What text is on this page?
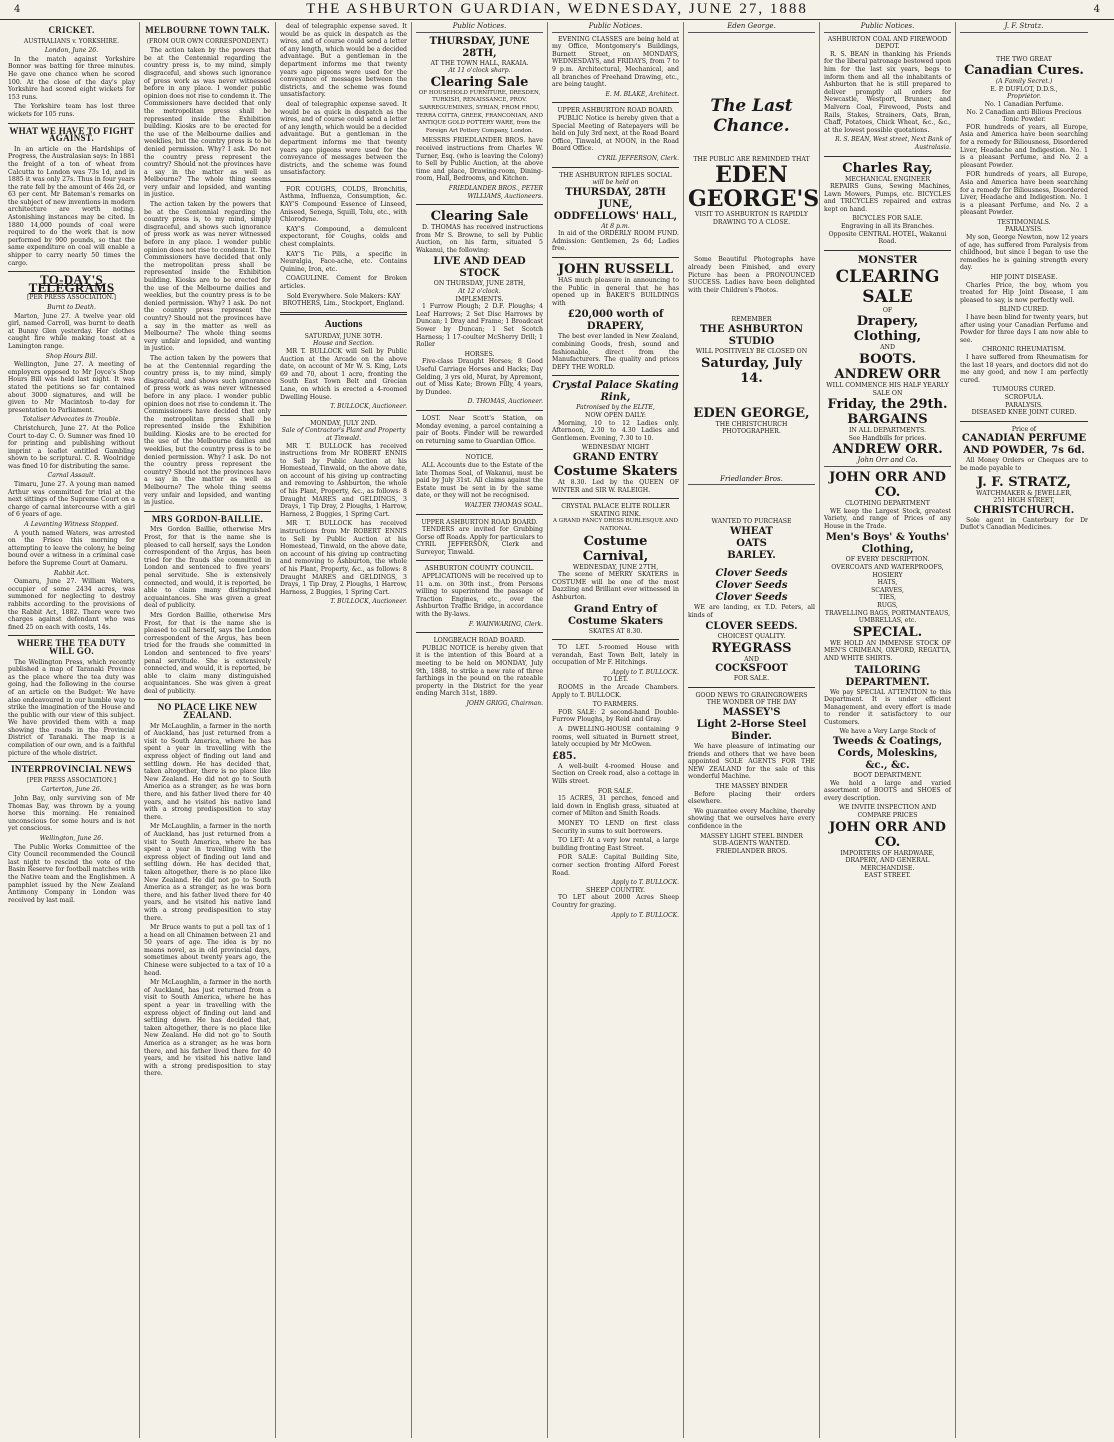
4	THE ASHBURTON GUARDIAN, WEDNESDAY, JUNE 27, 1888	4
CRICKET.
AUSTRALIANS v. YORKSHIRE.
London, June 26.

In the match against Yorkshire Bonnor was batting for three minutes. He gave one chance when he scored 100. At the close of the day's play Yorkshire had scored eight wickets for 153 runs.

The Yorkshire team has lost three wickets for 105 runs.

WHAT WE HAVE TO FIGHT AGAINST.

In an article on the Hardships of Progress, the Australasian says: In 1881 the freight of a ton of wheat from Calcutta to London was 73s 1d, and in 1885 it was only 27s. Thus in four years the rate fell by the amount of 46s 2d, or 63 per cent. Mr Bateman's remarks on the subject of new inventions in modern architecture are worth noting. Astonishing instances may be cited. In 1880 14,000 pounds of coal were required to do the work that is now performed by 900 pounds, so that the same expenditure on coal will enable a shipper to carry nearly 50 times the cargo.

TO-DAY'S TELEGRAMS
[PER PRESS ASSOCIATION.]
Burnt to Death.

Marton, June 27. A twelve year old girl, named Carroll, was burnt to death at Bunny Glen yesterday. Her clothes caught fire while making toast at a Lamington range.

Shop Hours Bill.

Wellington, June 27. A meeting of employers opposed to Mr Joyce's Shop Hours Bill was held last night. It was stated the petitions so far contained about 3000 signatures, and will be given to Mr Macintosh to-day for presentation to Parliament.

Totaliser Advocates in Trouble.

Christchurch, June 27. At the Police Court to-day C. O. Sumner was fined 10 for printing and publishing without imprint a leaflet entitled Gambling shown to be scriptural. C. R. Woolridge was fined 10 for distributing the same.

Carnal Assault.

Timaru, June 27. A young man named Arthur was committed for trial at the next sittings of the Supreme Court on a charge of carnal intercourse with a girl of 6 years of age.

A Levanting Witness Stopped.

A youth named Waters, was arrested on the Frisco this morning for attempting to leave the colony, he being bound over a witness in a criminal case before the Supreme Court at Oamaru.

Rabbit Act.

Oamaru, June 27. William Waters, occupier of some 2434 acres, was summoned for neglecting to destroy rabbits according to the provisions of the Rabbit Act, 1882. There were two charges against defendant who was fined 25 on each with costs, 14s.

WHERE THE TEA DUTY WILL GO.

The Wellington Press, which recently published a map of Taranaki Province as the place where the tea duty was going, had the following in the course of an article on the Budget: We have also endeavoured in our humble way to strike the imagination of the House and the public with our view of this subject. We have provided them with a map showing the roads in the Provincial District of Taranaki. The map is a compilation of our own, and is a faithful picture of the whole district.

INTERPROVINCIAL NEWS
[PER PRESS ASSOCIATION.]
Carterton, June 26.

John Bay, only surviving son of Mr Thomas Bay, was thrown by a young horse this morning. He remained unconscious for some hours and is not yet conscious.

Wellington, June 26.

The Public Works Committee of the City Council recommended the Council last night to rescind the vote of the Basin Reserve for football matches with the Native team and the Englishmen. A pamphlet issued by the New Zealand Antimony Company in London was received by last mail.

MELBOURNE TOWN TALK.
(FROM OUR OWN CORRESPONDENT.)

The action taken by the powers that be at the Centennial regarding the country press is, to my mind, simply disgraceful, and shows such ignorance of press work as was never witnessed before in any place. I wonder public opinion does not rise to condemn it. The Commissioners have decided that only the metropolitan press shall be represented inside the Exhibition building. Kiosks are to be erected for the use of the Melbourne dailies and weeklies, but the country press is to be denied permission. Why? I ask. Do not the country press represent the country? Should not the provinces have a say in the matter as well as Melbourne? The whole thing seems very unfair and lopsided, and wanting in justice.

The action taken by the powers that be at the Centennial regarding the country press is, to my mind, simply disgraceful, and shows such ignorance of press work as was never witnessed before in any place. I wonder public opinion does not rise to condemn it. The Commissioners have decided that only the metropolitan press shall be represented inside the Exhibition building. Kiosks are to be erected for the use of the Melbourne dailies and weeklies, but the country press is to be denied permission. Why? I ask. Do not the country press represent the country? Should not the provinces have a say in the matter as well as Melbourne? The whole thing seems very unfair and lopsided, and wanting in justice.

The action taken by the powers that be at the Centennial regarding the country press is, to my mind, simply disgraceful, and shows such ignorance of press work as was never witnessed before in any place. I wonder public opinion does not rise to condemn it. The Commissioners have decided that only the metropolitan press shall be represented inside the Exhibition building. Kiosks are to be erected for the use of the Melbourne dailies and weeklies, but the country press is to be denied permission. Why? I ask. Do not the country press represent the country? Should not the provinces have a say in the matter as well as Melbourne? The whole thing seems very unfair and lopsided, and wanting in justice.

MRS GORDON-BAILLIE.

Mrs Gordon Baillie, otherwise Mrs Frost, for that is the name she is pleased to call herself, says the London correspondent of the Argus, has been tried for the frauds she committed in London and sentenced to five years' penal servitude. She is extensively connected, and would, it is reported, be able to claim many distinguished acquaintances. She was given a great deal of publicity.

Mrs Gordon Baillie, otherwise Mrs Frost, for that is the name she is pleased to call herself, says the London correspondent of the Argus, has been tried for the frauds she committed in London and sentenced to five years' penal servitude. She is extensively connected, and would, it is reported, be able to claim many distinguished acquaintances. She was given a great deal of publicity.

NO PLACE LIKE NEW ZEALAND.

Mr McLaughlin, a farmer in the north of Auckland, has just returned from a visit to South America, where he has spent a year in travelling with the express object of finding out land and settling down. He has decided that, taken altogether, there is no place like New Zealand. He did not go to South America as a stranger, as he was born there, and his father lived there for 40 years, and he visited his native land with a strong predisposition to stay there.

Mr McLaughlin, a farmer in the north of Auckland, has just returned from a visit to South America, where he has spent a year in travelling with the express object of finding out land and settling down. He has decided that, taken altogether, there is no place like New Zealand. He did not go to South America as a stranger, as he was born there, and his father lived there for 40 years, and he visited his native land with a strong predisposition to stay there.

Mr Bruce wants to put a poll tax of 1 a head on all Chinamen between 21 and 50 years of age. The idea is by no means novel, as in old provincial days, sometimes about twenty years ago, the Chinese were subjected to a tax of 10 a head.

Mr McLaughlin, a farmer in the north of Auckland, has just returned from a visit to South America, where he has spent a year in travelling with the express object of finding out land and settling down. He has decided that, taken altogether, there is no place like New Zealand. He did not go to South America as a stranger, as he was born there, and his father lived there for 40 years, and he visited his native land with a strong predisposition to stay there.

deal of telegraphic expense saved. It would be as quick in despatch as the wires, and of course could send a letter of any length, which would be a decided advantage. But a gentleman in the department informs me that twenty years ago pigeons were used for the conveyance of messages between the districts, and the scheme was found unsatisfactory.

deal of telegraphic expense saved. It would be as quick in despatch as the wires, and of course could send a letter of any length, which would be a decided advantage. But a gentleman in the department informs me that twenty years ago pigeons were used for the conveyance of messages between the districts, and the scheme was found unsatisfactory.

FOR COUGHS, COLDS, Bronchitis, Asthma, Influenza, Consumption, &c. KAY'S Compound Essence of Linseed, Aniseed, Senega, Squill, Tolu, etc., with Chlorodyne.

KAY'S Compound, a demulcent expectorant, for Coughs, colds and chest complaints.

KAY'S Tic Pills, a specific in Neuralgia, Face-ache, etc. Contains Quinine, Iron, etc.

COAGULINE. Cement for Broken articles.

Sold Everywhere. Sole Makers: KAY BROTHERS, Lim., Stockport, England.

Auctions
SATURDAY, JUNE 30TH.
House and Section.

MR T. BULLOCK will Sell by Public Auction at the Arcade on the above date, on account of Mr W. S. King, Lots 69 and 70, about 1 acre, fronting the South East Town Belt and Grecian Lane, on which is erected a 4-roomed Dwelling House.

T. BULLOCK, Auctioneer.
MONDAY, JULY 2ND.
Sale of Contractor's Plant and Property at Tinwald.

MR T. BULLOCK has received instructions from Mr ROBERT ENNIS to Sell by Public Auction at his Homestead, Tinwald, on the above date, on account of his giving up contracting and removing to Ashburton, the whole of his Plant, Property, &c., as follows: 8 Draught MARES and GELDINGS, 3 Drays, 1 Tip Dray, 2 Ploughs, 1 Harrow, Harness, 2 Buggies, 1 Spring Cart.

MR T. BULLOCK has received instructions from Mr ROBERT ENNIS to Sell by Public Auction at his Homestead, Tinwald, on the above date, on account of his giving up contracting and removing to Ashburton, the whole of his Plant, Property, &c., as follows: 8 Draught MARES and GELDINGS, 3 Drays, 1 Tip Dray, 2 Ploughs, 1 Harrow, Harness, 2 Buggies, 1 Spring Cart.

T. BULLOCK, Auctioneer.
Public Notices.
THURSDAY, JUNE 28TH,
AT THE TOWN HALL, RAKAIA.
At 11 o'clock sharp.
Clearing Sale

OF HOUSEHOLD FURNITURE, DRESDEN, TURKISH, RENAISSANCE, PROV. SARREGUEMINES, SYRIAN, FROM FROU, TERRA COTTA, GREEK, FRANCONIAN, AND ANTIQUE GOLD POTTERY WARE, from the Foreign Art Pottery Company, London.

MESSRS FRIEDLANDER BROS. have received instructions from Charles W. Turner, Esq. (who is leaving the Colony) to Sell by Public Auction, at the above time and place, Drawing-room, Dining-room, Hall, Bedrooms, and Kitchen.

FRIEDLANDER BROS., PETER WILLIAMS, Auctioneers.
Clearing Sale

D. THOMAS has received instructions from Mr S. Browne, to sell by Public Auction, on his farm, situated 5 Wakanui, the following:

LIVE AND DEAD STOCK
ON THURSDAY, JUNE 28TH,
At 12 o'clock.
IMPLEMENTS.

1 Furrow Plough; 2 D.F. Ploughs; 4 Leaf Harrows; 2 Set Disc Harrows by Duncan; 1 Dray and Frame; 1 Broadcast Sower by Duncan; 1 Set Scotch Harness; 1 17-coulter McSherry Drill; 1 Roller

HORSES.

Five-class Draught Horses; 8 Good Useful Carriage Horses and Hacks; Day Gelding, 3 yrs old, Murat, by Apremont, out of Miss Kate; Brown Filly, 4 years, by Dundee.

D. THOMAS, Auctioneer.

LOST. Near Scott's Station, on Monday evening, a parcel containing a pair of Boots. Finder will be rewarded on returning same to Guardian Office.

NOTICE.

ALL Accounts due to the Estate of the late Thomas Soal, of Wakanui, must be paid by July 31st. All claims against the Estate must be sent in by the same date, or they will not be recognised.

WALTER THOMAS SOAL.
UPPER ASHBURTON ROAD BOARD.

TENDERS are invited for Grubbing Gorse off Roads. Apply for particulars to CYRIL JEFFERSON, Clerk and Surveyor, Tinwald.

ASHBURTON COUNTY COUNCIL.

APPLICATIONS will be received up to 11 a.m. on 30th inst., from Persons willing to superintend the passage of Traction Engines, etc., over the Ashburton Traffic Bridge, in accordance with the By-laws.

F. WAINWARING, Clerk.
LONGBEACH ROAD BOARD.

PUBLIC NOTICE is hereby given that it is the intention of this Board at a meeting to be held on MONDAY, July 9th, 1888, to strike a new rate of three farthings in the pound on the rateable property in the District for the year ending March 31st, 1889.

JOHN GRIGG, Chairman.
Public Notices.

EVENING CLASSES are being held at my Office, Montgomery's Buildings, Burnett Street, on MONDAYS, WEDNESDAYS, and FRIDAYS, from 7 to 9 p.m. Architectural, Mechanical, and all branches of Freehand Drawing, etc., are being taught.

E. M. BLAKE, Architect.
UPPER ASHBURTON ROAD BOARD.

PUBLIC Notice is hereby given that a Special Meeting of Ratepayers will be held on July 3rd next, at the Road Board Office, Tinwald, at NOON, in the Road Board Office.

CYRIL JEFFERSON, Clerk.
THE ASHBURTON RIFLES SOCIAL
will be held on
THURSDAY, 28TH JUNE,
ODDFELLOWS' HALL,
At 8 p.m.

In aid of the ORDERLY ROOM FUND. Admission: Gentlemen, 2s 6d; Ladies free.

JOHN RUSSELL

HAS much pleasure in announcing to the Public in general that he has opened up in BAKER'S BUILDINGS with

£20,000 worth of DRAPERY,

The best ever landed in New Zealand, combining Goods, fresh, sound and fashionable, direct from the Manufacturers. The quality and prices DEFY THE WORLD.

Crystal Palace Skating Rink,
Patronised by the ELITE,
NOW OPEN DAILY:

Morning, 10 to 12 Ladies only. Afternoon, 2.30 to 4.30 Ladies and Gentlemen. Evening, 7.30 to 10.

WEDNESDAY NIGHT
GRAND ENTRY
Costume Skaters

At 8.30. Led by the QUEEN OF WINTER and SIR W. RALEIGH.

CRYSTAL PALACE ELITE ROLLER SKATING RINK.
A GRAND FANCY DRESS BURLESQUE AND NATIONAL
Costume Carnival,
WEDNESDAY, JUNE 27TH,

The scene of MERRY SKATERS in COSTUME will be one of the most Dazzling and Brilliant ever witnessed in Ashburton.

Grand Entry of Costume Skaters
SKATES AT 8.30.

TO LET. 5-roomed House with verandah, East Town Belt, lately in occupation of Mr F. Hitchings.

Apply to T. BULLOCK.
TO LET.

ROOMS in the Arcade Chambers. Apply to T. BULLOCK.

TO FARMERS.

FOR SALE: 2 second-hand Double-Furrow Ploughs, by Reid and Gray.

A DWELLING-HOUSE containing 9 rooms, well situated in Burnett street, lately occupied by Mr McOwen.

£85.

A well-built 4-roomed House and Section on Creek road, also a cottage in Wills street.

FOR SALE.

15 ACRES, 31 perches, fenced and laid down in English grass, situated at corner of Milton and Smith Roads.

MONEY TO LEND on first class Security in sums to suit borrowers.

TO LET: At a very low rental, a large building fronting East Street.

FOR SALE: Capital Building Site, corner section fronting Alford Forest Road.

Apply to T. BULLOCK.
SHEEP COUNTRY.

TO LET about 2000 Acres Sheep Country for grazing.

Apply to T. BULLOCK.
Eden George.
The Last Chance.
THE PUBLIC ARE REMINDED THAT
EDEN GEORGE'S
VISIT TO ASHBURTON IS RAPIDLY DRAWING TO A CLOSE.

Some Beautiful Photographs have already been Finished, and every Picture has been a PRONOUNCED SUCCESS. Ladies have been delighted with their Children's Photos.

REMEMBER
THE ASHBURTON STUDIO
WILL POSITIVELY BE CLOSED ON
Saturday, July 14.
EDEN GEORGE,
THE CHRISTCHURCH PHOTOGRAPHER.
Friedlander Bros.
WANTED TO PURCHASE
WHEAT
OATS
BARLEY.
Clover Seeds
Clover Seeds
Clover Seeds

WE are landing, ex T.D. Peters, all kinds of

CLOVER SEEDS.
CHOICEST QUALITY.
RYEGRASS
AND
COCKSFOOT
FOR SALE.
GOOD NEWS TO GRAINGROWERS
THE WONDER OF THE DAY
MASSEY'S
Light 2-Horse Steel Binder.

We have pleasure of intimating our friends and others that we have been appointed SOLE AGENTS FOR THE NEW ZEALAND for the sale of this wonderful Machine.

THE MASSEY BINDER

Before placing their orders elsewhere.

We guarantee every Machine, thereby showing that we ourselves have every confidence in the

MASSEY LIGHT STEEL BINDER
SUB-AGENTS WANTED.
FRIEDLANDER BROS.
Public Notices.
ASHBURTON COAL AND FIREWOOD DEPOT.

R. S. BEAN in thanking his Friends for the liberal patronage bestowed upon him for the last six years, begs to inform them and all the inhabitants of Ashburton that he is still prepared to deliver promptly all orders for Newcastle, Westport, Brunner, and Malvern Coal, Firewood, Posts and Rails, Stakes, Strainers, Oats, Bran, Chaff, Potatoes, Chick Wheat, &c., &c., at the lowest possible quotations.

R. S. BEAN, West street, Next Bank of Australasia.
Charles Ray,
MECHANICAL ENGINEER

REPAIRS Guns, Sewing Machines, Lawn Mowers, Pumps, etc. BICYCLES and TRICYCLES repaired and extras kept on hand.

BICYCLES FOR SALE.
Engraving in all its Branches.
Opposite CENTRAL HOTEL, Wakanui Road.
MONSTER
CLEARING SALE
OF
Drapery, Clothing,
AND
BOOTS.
ANDREW ORR
WILL COMMENCE HIS HALF YEARLY SALE ON
Friday, the 29th.
BARGAINS
IN ALL DEPARTMENTS.
See Handbills for prices.
ANDREW ORR.
John Orr and Co.
JOHN ORR AND CO.
CLOTHING DEPARTMENT

WE keep the Largest Stock, greatest Variety, and range of Prices of any House in the Trade.

Men's Boys' & Youths' Clothing,
OF EVERY DESCRIPTION.
OVERCOATS AND WATERPROOFS,
HOSIERY
HATS,
SCARVES,
TIES,
RUGS,
TRAVELLING BAGS, PORTMANTEAUS, UMBRELLAS, etc.
SPECIAL.

WE HOLD AN IMMENSE STOCK OF MEN'S CRIMEAN, OXFORD, REGATTA, AND WHITE SHIRTS.

TAILORING DEPARTMENT.

We pay SPECIAL ATTENTION to this Department. It is under efficient Management, and every effort is made to render it satisfactory to our Customers.

We have a Very Large Stock of
Tweeds & Coatings,
Cords, Moleskins,
&c., &c.
BOOT DEPARTMENT.

We hold a large and varied assortment of BOOTS and SHOES of every description.

WE INVITE INSPECTION AND COMPARE PRICES
JOHN ORR AND CO.
IMPORTERS OF HARDWARE, DRAPERY, AND GENERAL MERCHANDISE.
EAST STREET.
J. F. Stratz.
THE TWO GREAT
Canadian Cures.
(A Family Secret.)
E. P. DUFLOT, D.D.S.,
Proprietor.
No. 1 Canadian Perfume.
No. 2 Canadian anti Bilious Precious Tonic Powder.

FOR hundreds of years, all Europe, Asia and America have been searching for a remedy for Biliousness, Disordered Liver, Headache and Indigestion. No. 1 is a pleasant Perfume, and No. 2 a pleasant Powder.

FOR hundreds of years, all Europe, Asia and America have been searching for a remedy for Biliousness, Disordered Liver, Headache and Indigestion. No. 1 is a pleasant Perfume, and No. 2 a pleasant Powder.

TESTIMONIALS.
PARALYSIS.

My son, George Newton, now 12 years of age, has suffered from Paralysis from childhood, but since I began to use the remedies he is gaining strength every day.

HIP JOINT DISEASE.

Charles Price, the boy, whom you treated for Hip Joint Disease, I am pleased to say, is now perfectly well.

BLIND CURED.

I have been blind for twenty years, but after using your Canadian Perfume and Powder for three days I am now able to see.

CHRONIC RHEUMATISM.

I have suffered from Rheumatism for the last 18 years, and doctors did not do me any good, and now I am perfectly cured.

TUMOURS CURED.
SCROFULA.
PARALYSIS.
DISEASED KNEE JOINT CURED.
Price of
CANADIAN PERFUME AND POWDER, 7s 6d.

All Money Orders or Cheques are to be made payable to

J. F. STRATZ,
WATCHMAKER & JEWELLER,
251 HIGH STREET,
CHRISTCHURCH.

Sole agent in Canterbury for Dr Duflot's Canadian Medicines.
